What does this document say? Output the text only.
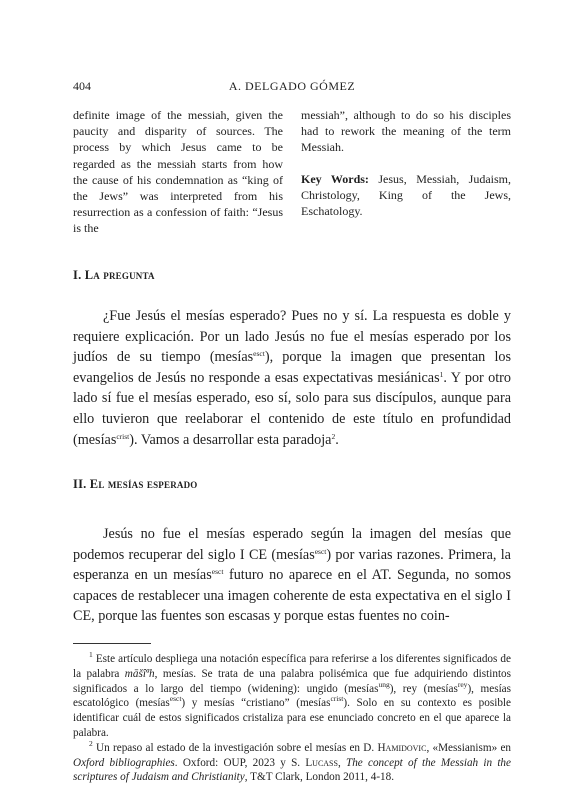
404	A. DELGADO GÓMEZ

definite image of the messiah, given the paucity and disparity of sources. The process by which Jesus came to be regarded as the messiah starts from how the cause of his condemnation as “king of the Jews” was interpreted from his resurrection as a confession of faith: “Jesus is the

messiah”, although to do so his disciples had to rework the meaning of the term Messiah.

Key Words: Jesus, Messiah, Judaism, Christology, King of the Jews, Eschatology.

I. La pregunta

¿Fue Jesús el mesías esperado? Pues no y sí. La respuesta es doble y requiere explicación. Por un lado Jesús no fue el mesías esperado por los judíos de su tiempo (mesías$^{esct}$), porque la imagen que presentan los evangelios de Jesús no responde a esas expectativas mesiánicas$^1$. Y por otro lado sí fue el mesías esperado, eso sí, solo para sus discípulos, aunque para ello tuvieron que reelaborar el contenido de este título en profundidad (mesías$^{crist}$). Vamos a desarrollar esta paradoja$^2$.

II. El mesías esperado

Jesús no fue el mesías esperado según la imagen del mesías que podemos recuperar del siglo I CE (mesías$^{esct}$) por varias razones. Primera, la esperanza en un mesías$^{esct}$ futuro no aparece en el AT. Segunda, no somos capaces de restablecer una imagen coherente de esta expectativa en el siglo I CE, porque las fuentes son escasas y porque estas fuentes no coin-

$^1$ Este artículo despliega una notación específica para referirse a los diferentes significados de la palabra māšîªh, mesías. Se trata de una palabra polisémica que fue adquiriendo distintos significados a lo largo del tiempo (widening): ungido (mesías$^{ung}$), rey (mesías$^{rey}$), mesías escatológico (mesías$^{esct}$) y mesías “cristiano” (mesías$^{crist}$). Solo en su contexto es posible identificar cuál de estos significados cristaliza para ese enunciado concreto en el que aparece la palabra.

$^2$ Un repaso al estado de la investigación sobre el mesías en D. Hamidovic, «Messianism» en Oxford bibliographies. Oxford: OUP, 2023 y S. Lucass, The concept of the Messiah in the scriptures of Judaism and Christianity, T&T Clark, London 2011, 4-18.
